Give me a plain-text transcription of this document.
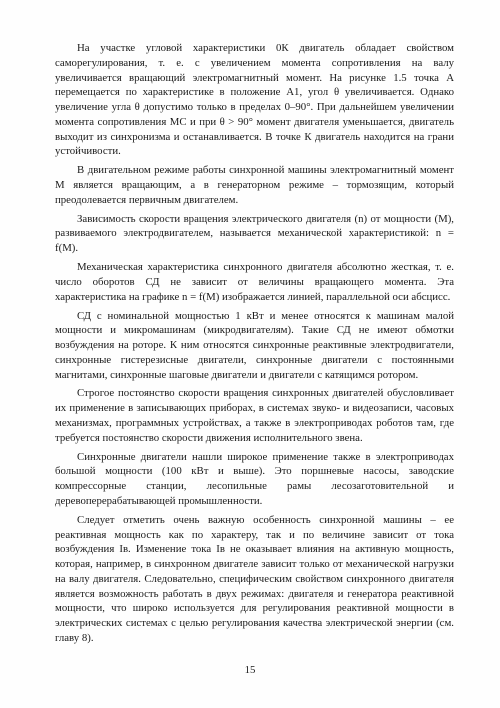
На участке угловой характеристики 0К двигатель обладает свойством саморегулирования, т. е. с увеличением момента сопротивления на валу увеличивается вращающий электромагнитный момент. На рисунке 1.5 точка А перемещается по характеристике в положение А1, угол θ увеличивается. Однако увеличение угла θ допустимо только в пределах 0–90°. При дальнейшем увеличении момента сопротивления МС и при θ > 90° момент двигателя уменьшается, двигатель выходит из синхронизма и останавливается. В точке К двигатель находится на грани устойчивости.

В двигательном режиме работы синхронной машины электромагнитный момент М является вращающим, а в генераторном режиме – тормозящим, который преодолевается первичным двигателем.

Зависимость скорости вращения электрического двигателя (n) от мощности (М), развиваемого электродвигателем, называется механической характеристикой: n = f(М).

Механическая характеристика синхронного двигателя абсолютно жесткая, т. е. число оборотов СД не зависит от величины вращающего момента. Эта характеристика на графике n = f(M) изображается линией, параллельной оси абсцисс.

СД с номинальной мощностью 1 кВт и менее относятся к машинам малой мощности и микромашинам (микродвигателям). Такие СД не имеют обмотки возбуждения на роторе. К ним относятся синхронные реактивные электродвигатели, синхронные гистерезисные двигатели, синхронные двигатели с постоянными магнитами, синхронные шаговые двигатели и двигатели с катящимся ротором.

Строгое постоянство скорости вращения синхронных двигателей обусловливает их применение в записывающих приборах, в системах звуко- и видеозаписи, часовых механизмах, программных устройствах, а также в электроприводах роботов там, где требуется постоянство скорости движения исполнительного звена.

Синхронные двигатели нашли широкое применение также в электроприводах большой мощности (100 кВт и выше). Это поршневые насосы, заводские компрессорные станции, лесопильные рамы лесозаготовительной и деревоперерабатывающей промышленности.

Следует отметить очень важную особенность синхронной машины – ее реактивная мощность как по характеру, так и по величине зависит от тока возбуждения Iв. Изменение тока Iв не оказывает влияния на активную мощность, которая, например, в синхронном двигателе зависит только от механической нагрузки на валу двигателя. Следовательно, специфическим свойством синхронного двигателя является возможность работать в двух режимах: двигателя и генератора реактивной мощности, что широко используется для регулирования реактивной мощности в электрических системах с целью регулирования качества электрической энергии (см. главу 8).

15
